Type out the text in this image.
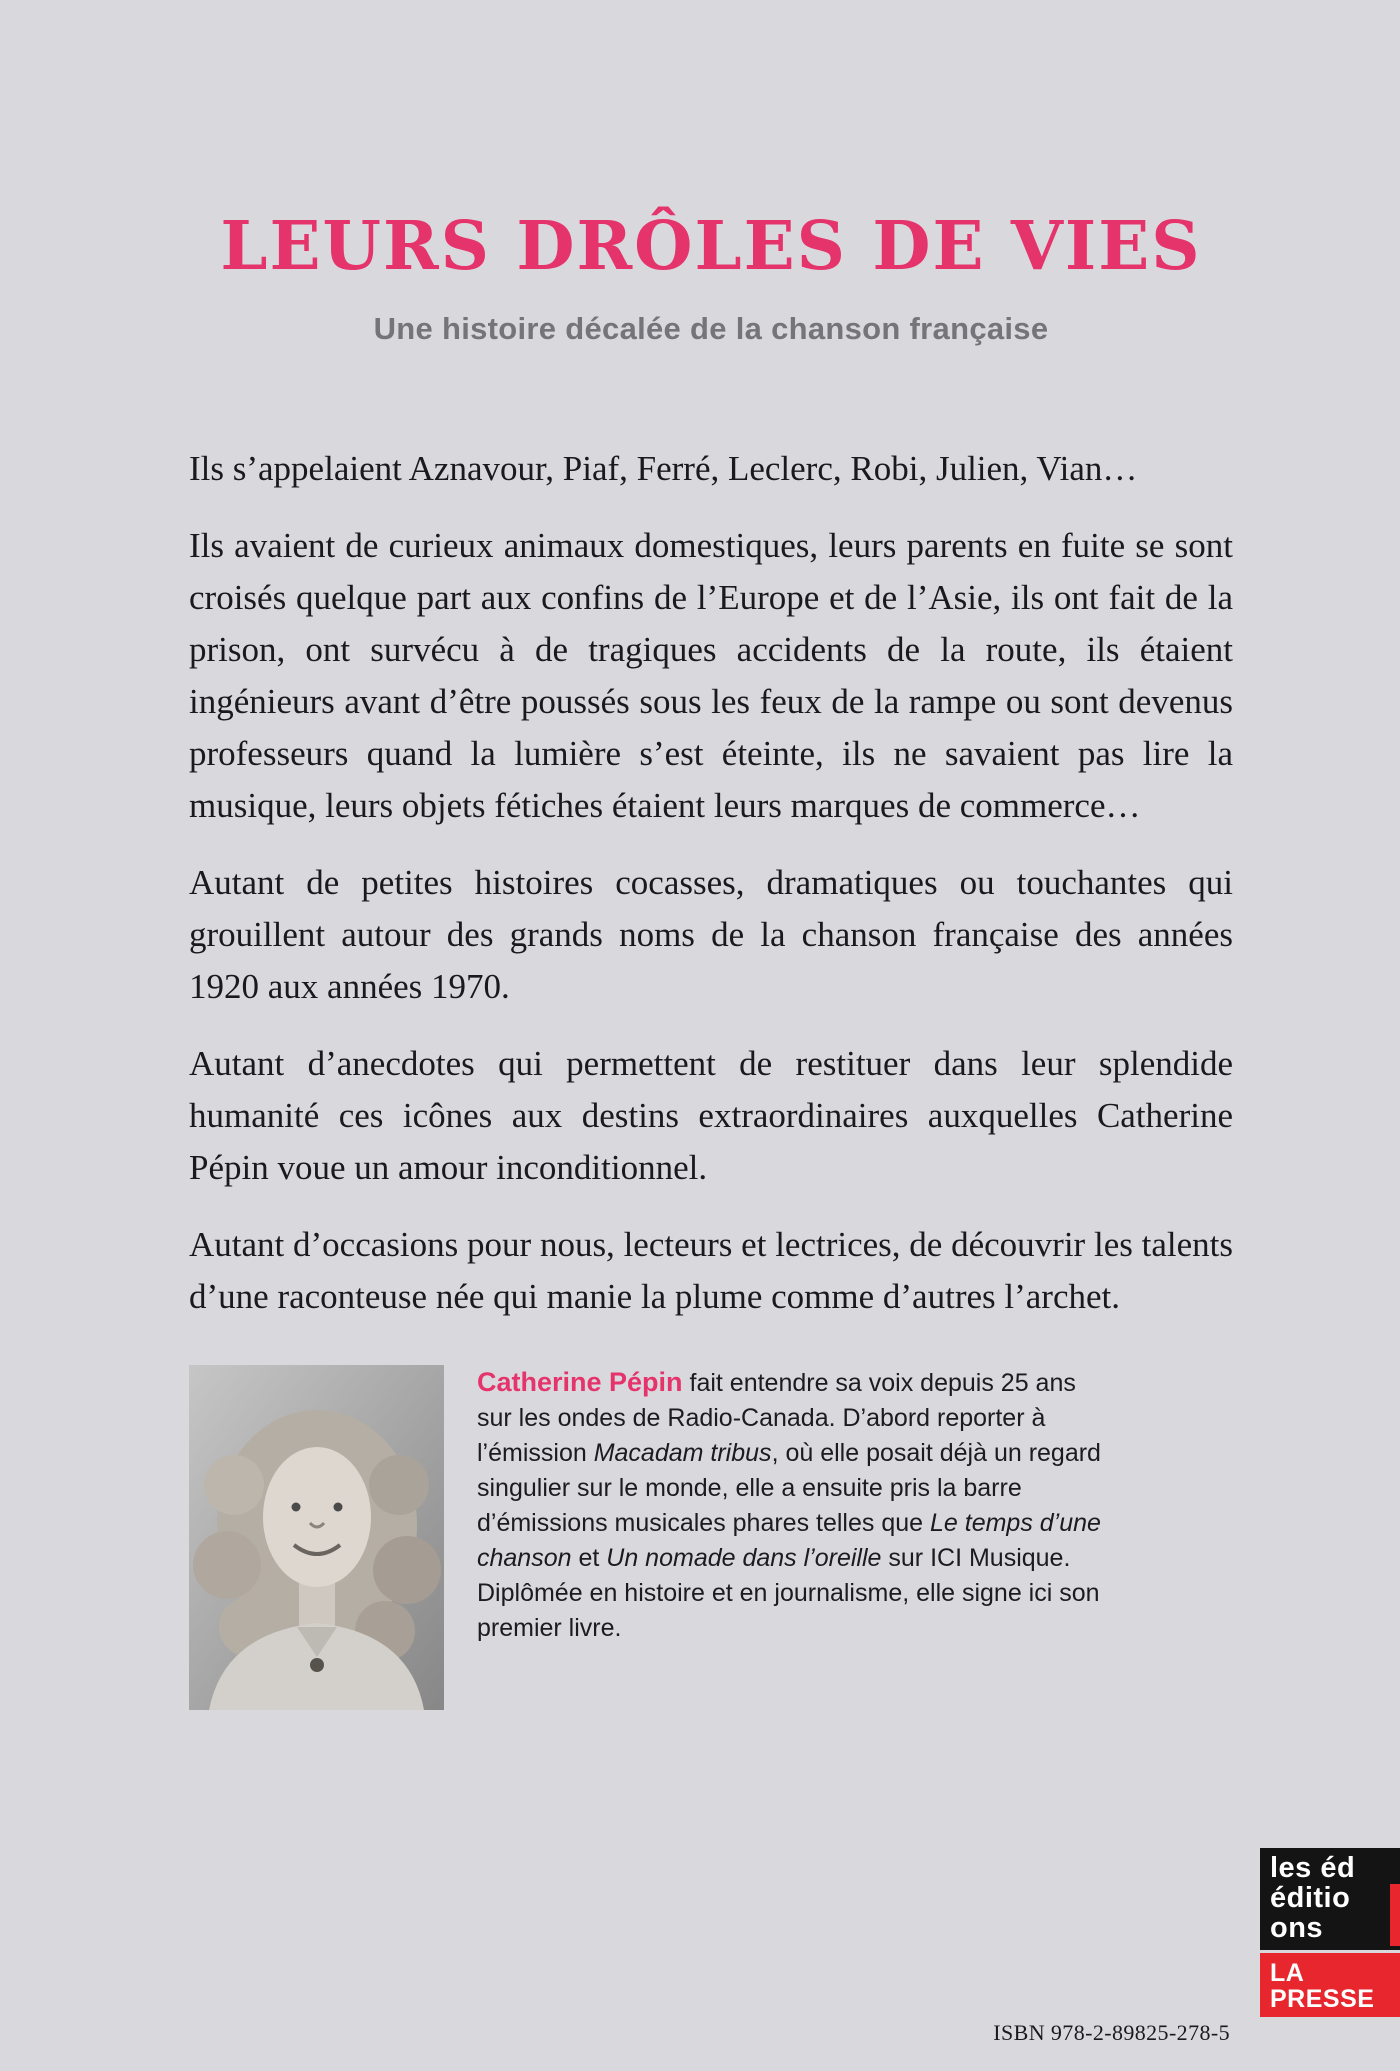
LEURS DRÔLES DE VIES

Une histoire décalée de la chanson française

Ils s’appelaient Aznavour, Piaf, Ferré, Leclerc, Robi, Julien, Vian…

Ils avaient de curieux animaux domestiques, leurs parents en fuite se sont croisés quelque part aux confins de l’Europe et de l’Asie, ils ont fait de la prison, ont survécu à de tragiques accidents de la route, ils étaient ingénieurs avant d’être poussés sous les feux de la rampe ou sont devenus professeurs quand la lumière s’est éteinte, ils ne savaient pas lire la musique, leurs objets fétiches étaient leurs marques de commerce…

Autant de petites histoires cocasses, dramatiques ou touchantes qui grouillent autour des grands noms de la chanson française des années 1920 aux années 1970.

Autant d’anecdotes qui permettent de restituer dans leur splendide humanité ces icônes aux destins extraordinaires auxquelles Catherine Pépin voue un amour inconditionnel.

Autant d’occasions pour nous, lecteurs et lectrices, de découvrir les talents d’une raconteuse née qui manie la plume comme d’autres l’archet.

Catherine Pépin fait entendre sa voix depuis 25 ans sur les ondes de Radio-Canada. D’abord reporter à l’émission Macadam tribus, où elle posait déjà un regard singulier sur le monde, elle a ensuite pris la barre d’émissions musicales phares telles que Le temps d’une chanson et Un nomade dans l’oreille sur ICI Musique. Diplômée en histoire et en journalisme, elle signe ici son premier livre.

les éd
éditio
ons
LA
PRESSE
ISBN 978-2-89825-278-5
